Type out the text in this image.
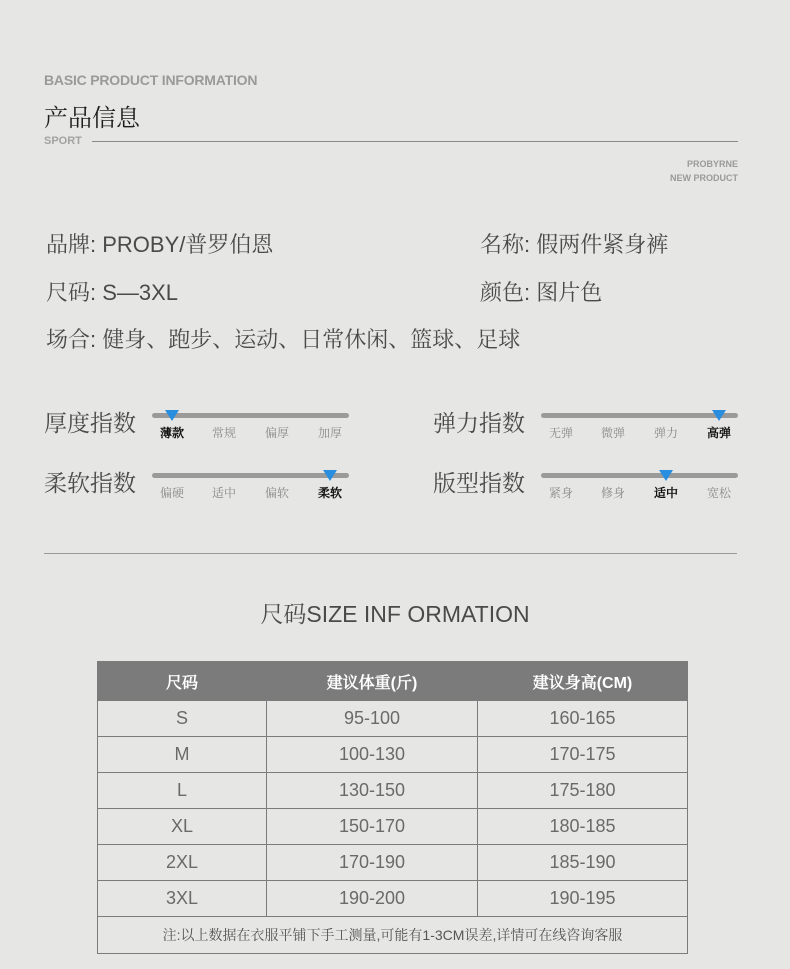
BASIC PRODUCT INFORMATION
产品信息
SPORT
PROBYRNE
NEW PRODUCT
品牌: PROBY/普罗伯恩	名称: 假两件紧身裤
尺码: S—3XL	颜色: 图片色
场合: 健身、跑步、运动、日常休闲、篮球、足球
厚度指数	薄款	常规	偏厚	加厚	弹力指数	无弹	微弹	弹力	高弹
柔软指数	偏硬	适中	偏软	柔软	版型指数	紧身	修身	适中	宽松
尺码SIZE INF ORMATION
尺码	建议体重(斤)	建议身高(CM)
S	95-100	160-165
M	100-130	170-175
L	130-150	175-180
XL	150-170	180-185
2XL	170-190	185-190
3XL	190-200	190-195
注:以上数据在衣服平铺下手工测量,可能有1-3CM误差,详情可在线咨询客服		
